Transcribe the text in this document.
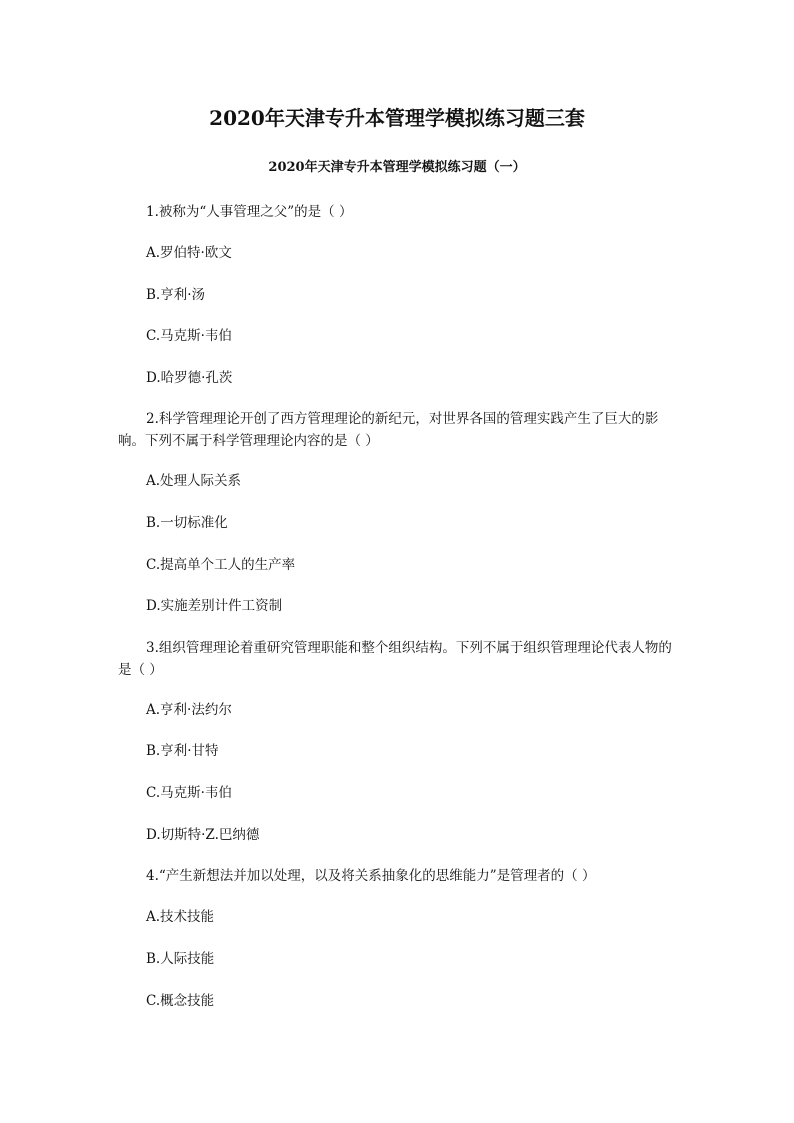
2020年天津专升本管理学模拟练习题三套
2020年天津专升本管理学模拟练习题（一）
1.被称为“人事管理之父”的是（ ）
A.罗伯特·欧文
B.亨利·汤
C.马克斯·韦伯
D.哈罗德·孔茨
2.科学管理理论开创了西方管理理论的新纪元，对世界各国的管理实践产生了巨大的影响。下列不属于科学管理理论内容的是（ ）
A.处理人际关系
B.一切标准化
C.提高单个工人的生产率
D.实施差别计件工资制
3.组织管理理论着重研究管理职能和整个组织结构。下列不属于组织管理理论代表人物的是（ ）
A.亨利·法约尔
B.亨利·甘特
C.马克斯·韦伯
D.切斯特·Z.巴纳德
4.“产生新想法并加以处理，以及将关系抽象化的思维能力”是管理者的（ ）
A.技术技能
B.人际技能
C.概念技能
